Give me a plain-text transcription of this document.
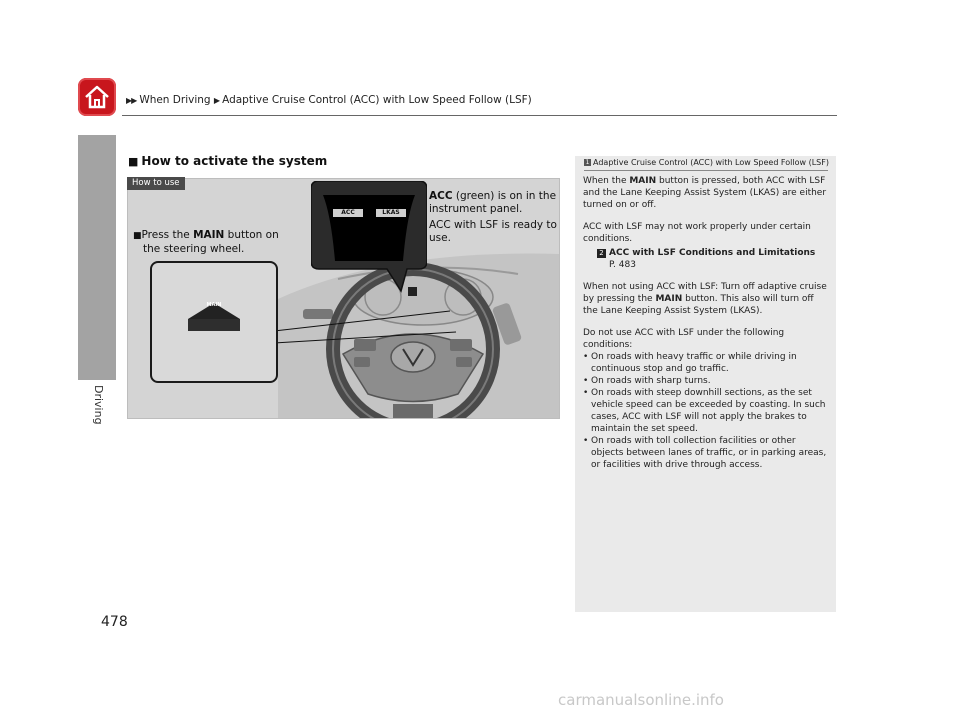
▶▶ When Driving ▶ Adaptive Cruise Control (ACC) with Low Speed Follow (LSF)
Driving
478
■ How to activate the system
How to use
ACC	LKAS
ACC (green) is on in the
instrument panel.
ACC with LSF is ready to use.
■Press the MAIN button on
the steering wheel.
MAIN
1 Adaptive Cruise Control (ACC) with Low Speed Follow (LSF)

When the MAIN button is pressed, both ACC with LSF and the Lane Keeping Assist System (LKAS) are either turned on or off.

ACC with LSF may not work properly under certain conditions.

2 ACC with LSF Conditions and Limitations
P. 483

When not using ACC with LSF: Turn off adaptive cruise by pressing the MAIN button. This also will turn off the Lane Keeping Assist System (LKAS).

Do not use ACC with LSF under the following conditions:

• On roads with heavy traffic or while driving in continuous stop and go traffic.
• On roads with sharp turns.
• On roads with steep downhill sections, as the set vehicle speed can be exceeded by coasting. In such cases, ACC with LSF will not apply the brakes to maintain the set speed.
• On roads with toll collection facilities or other objects between lanes of traffic, or in parking areas, or facilities with drive through access.
carmanualsonline.info
